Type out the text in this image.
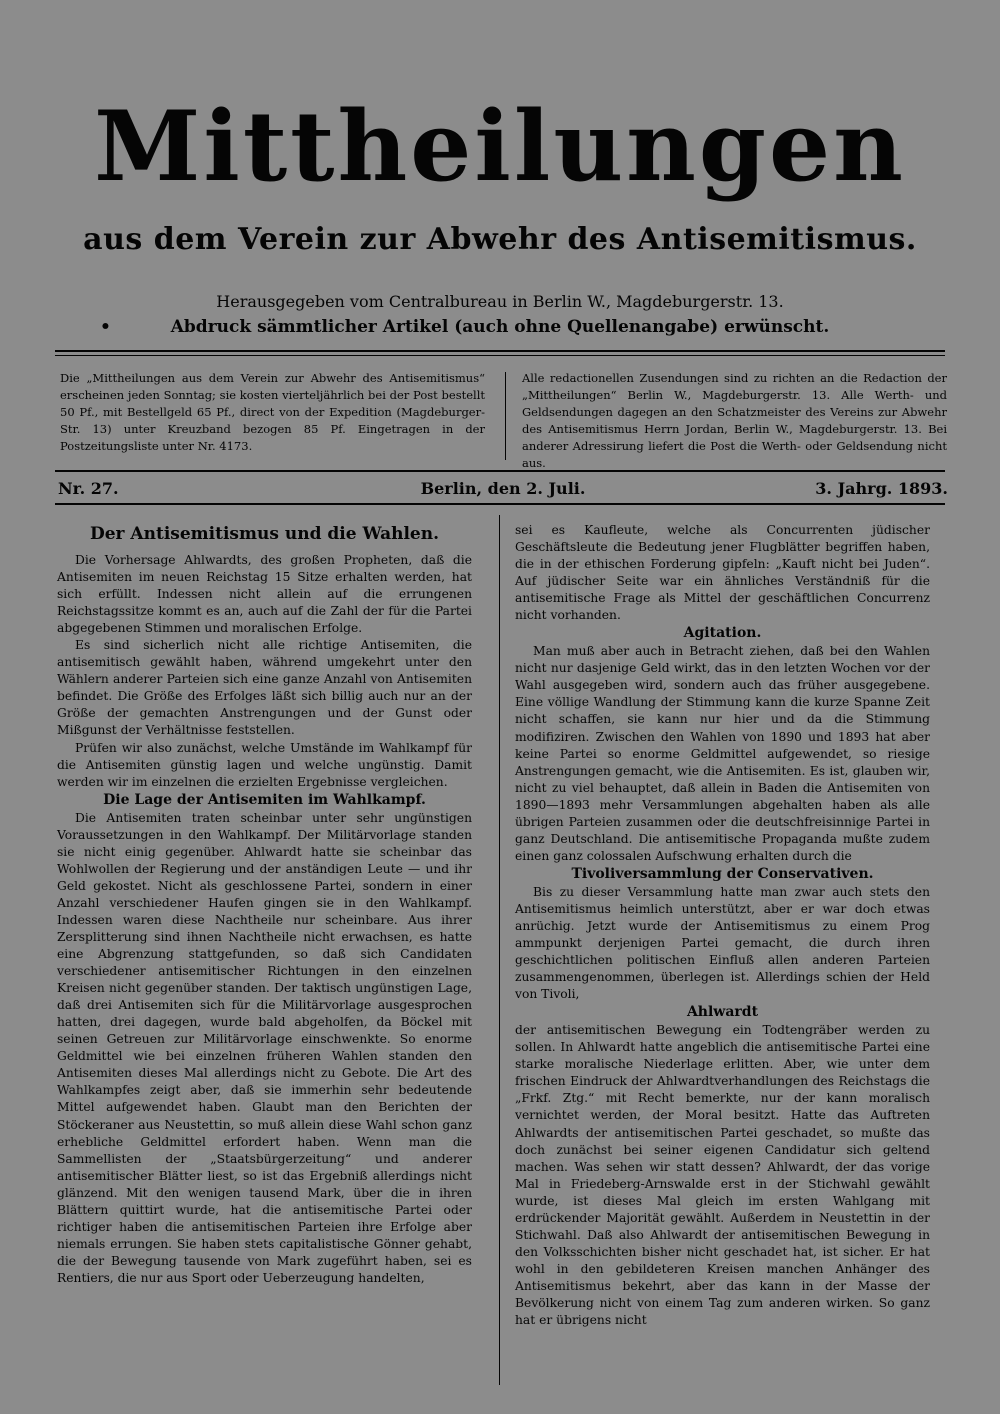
Mittheilungen
aus dem Verein zur Abwehr des Antisemitismus.
Herausgegeben vom Centralbureau in Berlin W., Magdeburgerstr. 13.
•	Abdruck sämmtlicher Artikel (auch ohne Quellenangabe) erwünscht.
Die „Mittheilungen aus dem Verein zur Abwehr des Antisemitismus“ erscheinen jeden Sonntag; sie kosten vierteljährlich bei der Post bestellt 50 Pf., mit Bestellgeld 65 Pf., direct von der Expedition (Magdeburger-Str. 13) unter Kreuzband bezogen 85 Pf. Eingetragen in der Postzeitungsliste unter Nr. 4173.
Alle redactionellen Zusendungen sind zu richten an die Redaction der „Mittheilungen“ Berlin W., Magdeburgerstr. 13. Alle Werth- und Geldsendungen dagegen an den Schatzmeister des Vereins zur Abwehr des Antisemitismus Herrn Jordan, Berlin W., Magdeburgerstr. 13. Bei anderer Adressirung liefert die Post die Werth- oder Geldsendung nicht aus.
Nr. 27.	Berlin, den 2. Juli.	3. Jahrg. 1893.
Der Antisemitismus und die Wahlen.

Die Vorhersage Ahlwardts, des großen Propheten, daß die Antisemiten im neuen Reichstag 15 Sitze erhalten werden, hat sich erfüllt. Indessen nicht allein auf die errungenen Reichstagssitze kommt es an, auch auf die Zahl der für die Partei abgegebenen Stimmen und moralischen Erfolge.

Es sind sicherlich nicht alle richtige Antisemiten, die antisemitisch gewählt haben, während umgekehrt unter den Wählern anderer Parteien sich eine ganze Anzahl von Antisemiten befindet. Die Größe des Erfolges läßt sich billig auch nur an der Größe der gemachten Anstrengungen und der Gunst oder Mißgunst der Verhältnisse feststellen.

Prüfen wir also zunächst, welche Umstände im Wahlkampf für die Antisemiten günstig lagen und welche ungünstig. Damit werden wir im einzelnen die erzielten Ergebnisse vergleichen.

Die Lage der Antisemiten im Wahlkampf.

Die Antisemiten traten scheinbar unter sehr ungünstigen Voraussetzungen in den Wahlkampf. Der Militärvorlage standen sie nicht einig gegenüber. Ahlwardt hatte sie scheinbar das Wohlwollen der Regierung und der anständigen Leute — und ihr Geld gekostet. Nicht als geschlossene Partei, sondern in einer Anzahl verschiedener Haufen gingen sie in den Wahlkampf. Indessen waren diese Nachtheile nur scheinbare. Aus ihrer Zersplitterung sind ihnen Nachtheile nicht erwachsen, es hatte eine Abgrenzung stattgefunden, so daß sich Candidaten verschiedener antisemitischer Richtungen in den einzelnen Kreisen nicht gegenüber standen. Der taktisch ungünstigen Lage, daß drei Antisemiten sich für die Militärvorlage ausgesprochen hatten, drei dagegen, wurde bald abgeholfen, da Böckel mit seinen Getreuen zur Militärvorlage einschwenkte. So enorme Geldmittel wie bei einzelnen früheren Wahlen standen den Antisemiten dieses Mal allerdings nicht zu Gebote. Die Art des Wahlkampfes zeigt aber, daß sie immerhin sehr bedeutende Mittel aufgewendet haben. Glaubt man den Berichten der Stöckeraner aus Neustettin, so muß allein diese Wahl schon ganz erhebliche Geldmittel erfordert haben. Wenn man die Sammellisten der „Staatsbürgerzeitung“ und anderer antisemitischer Blätter liest, so ist das Ergebniß allerdings nicht glänzend. Mit den wenigen tausend Mark, über die in ihren Blättern quittirt wurde, hat die antisemitische Partei oder richtiger haben die antisemitischen Parteien ihre Erfolge aber niemals errungen. Sie haben stets capitalistische Gönner gehabt, die der Bewegung tausende von Mark zugeführt haben, sei es Rentiers, die nur aus Sport oder Ueberzeugung handelten,

sei es Kaufleute, welche als Concurrenten jüdischer Geschäftsleute die Bedeutung jener Flugblätter begriffen haben, die in der ethischen Forderung gipfeln: „Kauft nicht bei Juden“. Auf jüdischer Seite war ein ähnliches Verständniß für die antisemitische Frage als Mittel der geschäftlichen Concurrenz nicht vorhanden.

Agitation.

Man muß aber auch in Betracht ziehen, daß bei den Wahlen nicht nur dasjenige Geld wirkt, das in den letzten Wochen vor der Wahl ausgegeben wird, sondern auch das früher ausgegebene. Eine völlige Wandlung der Stimmung kann die kurze Spanne Zeit nicht schaffen, sie kann nur hier und da die Stimmung modifiziren. Zwischen den Wahlen von 1890 und 1893 hat aber keine Partei so enorme Geldmittel aufgewendet, so riesige Anstrengungen gemacht, wie die Antisemiten. Es ist, glauben wir, nicht zu viel behauptet, daß allein in Baden die Antisemiten von 1890—1893 mehr Versammlungen abgehalten haben als alle übrigen Parteien zusammen oder die deutschfreisinnige Partei in ganz Deutschland. Die antisemitische Propaganda mußte zudem einen ganz colossalen Aufschwung erhalten durch die

Tivoliversammlung der Conservativen.

Bis zu dieser Versammlung hatte man zwar auch stets den Antisemitismus heimlich unterstützt, aber er war doch etwas anrüchig. Jetzt wurde der Antisemitismus zu einem Prog ammpunkt derjenigen Partei gemacht, die durch ihren geschichtlichen politischen Einfluß allen anderen Parteien zusammengenommen, überlegen ist. Allerdings schien der Held von Tivoli,

Ahlwardt

der antisemitischen Bewegung ein Todtengräber werden zu sollen. In Ahlwardt hatte angeblich die antisemitische Partei eine starke moralische Niederlage erlitten. Aber, wie unter dem frischen Eindruck der Ahlwardtverhandlungen des Reichstags die „Frkf. Ztg.“ mit Recht bemerkte, nur der kann moralisch vernichtet werden, der Moral besitzt. Hatte das Auftreten Ahlwardts der antisemitischen Partei geschadet, so mußte das doch zunächst bei seiner eigenen Candidatur sich geltend machen. Was sehen wir statt dessen? Ahlwardt, der das vorige Mal in Friedeberg-Arnswalde erst in der Stichwahl gewählt wurde, ist dieses Mal gleich im ersten Wahlgang mit erdrückender Majorität gewählt. Außerdem in Neustettin in der Stichwahl. Daß also Ahlwardt der antisemitischen Bewegung in den Volksschichten bisher nicht geschadet hat, ist sicher. Er hat wohl in den gebildeteren Kreisen manchen Anhänger des Antisemitismus bekehrt, aber das kann in der Masse der Bevölkerung nicht von einem Tag zum anderen wirken. So ganz hat er übrigens nicht
